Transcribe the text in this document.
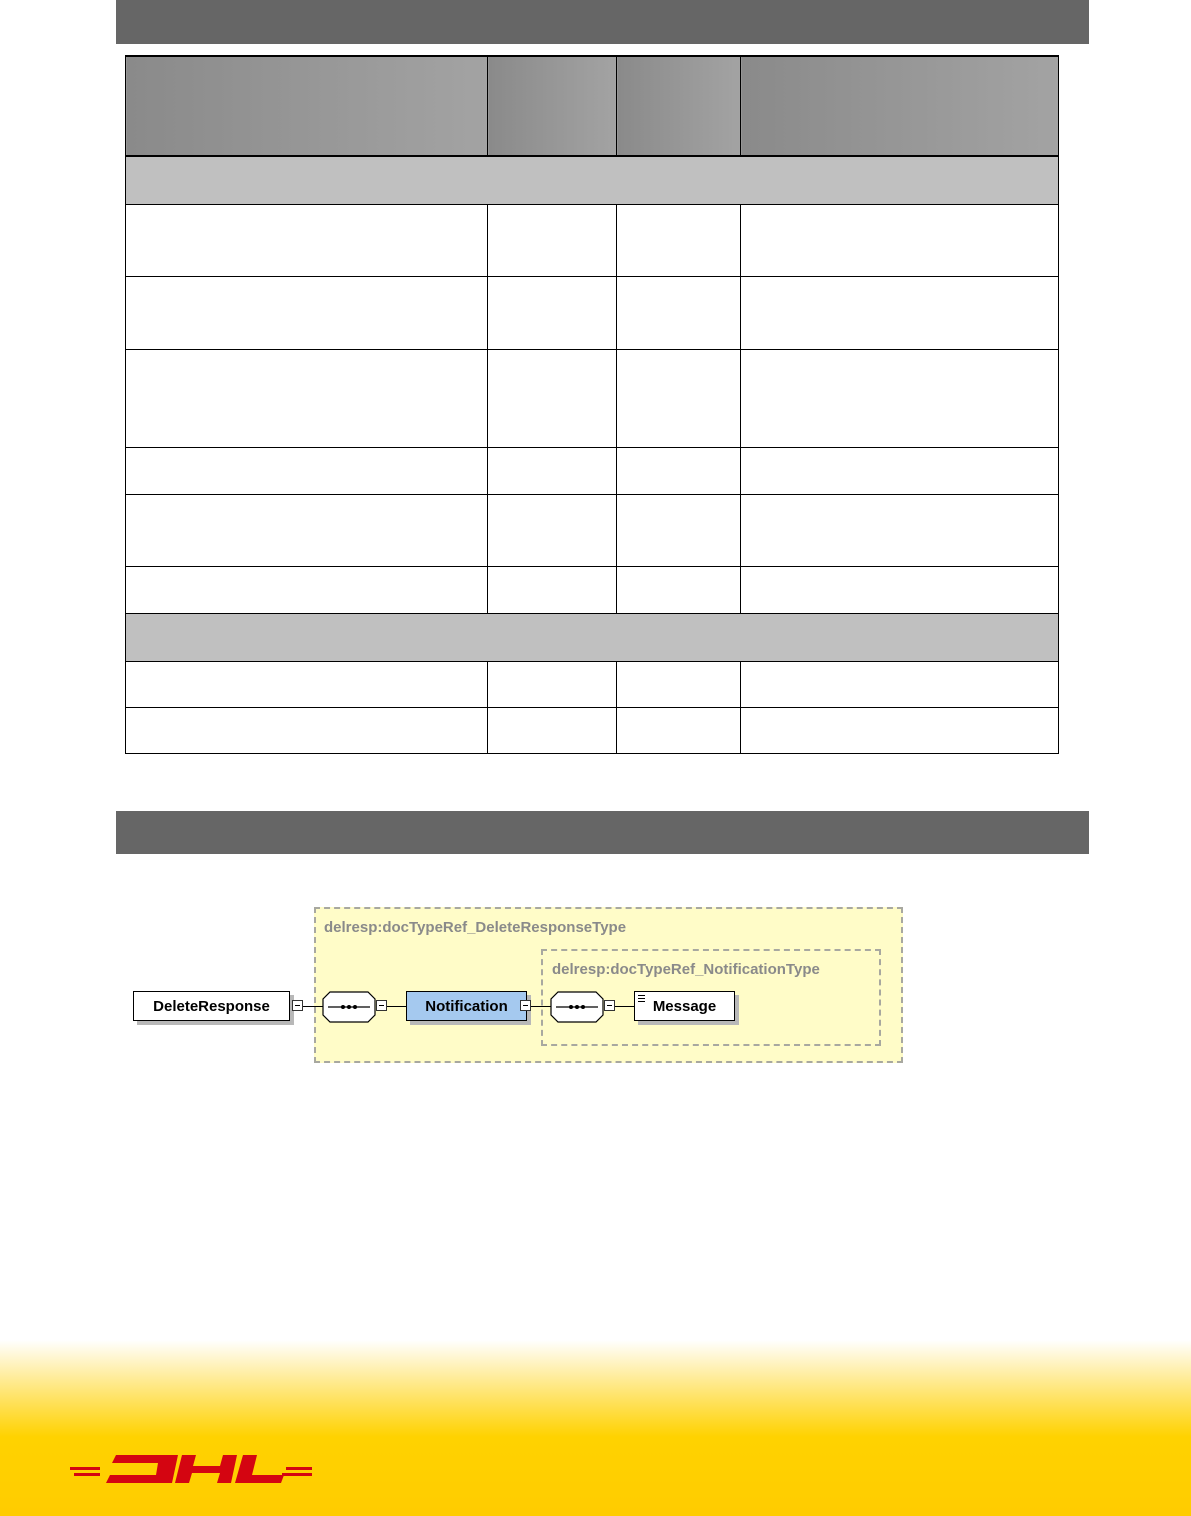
delresp:docTypeRef_DeleteResponseType
delresp:docTypeRef_NotificationType
DeleteResponse	Notification	Message
